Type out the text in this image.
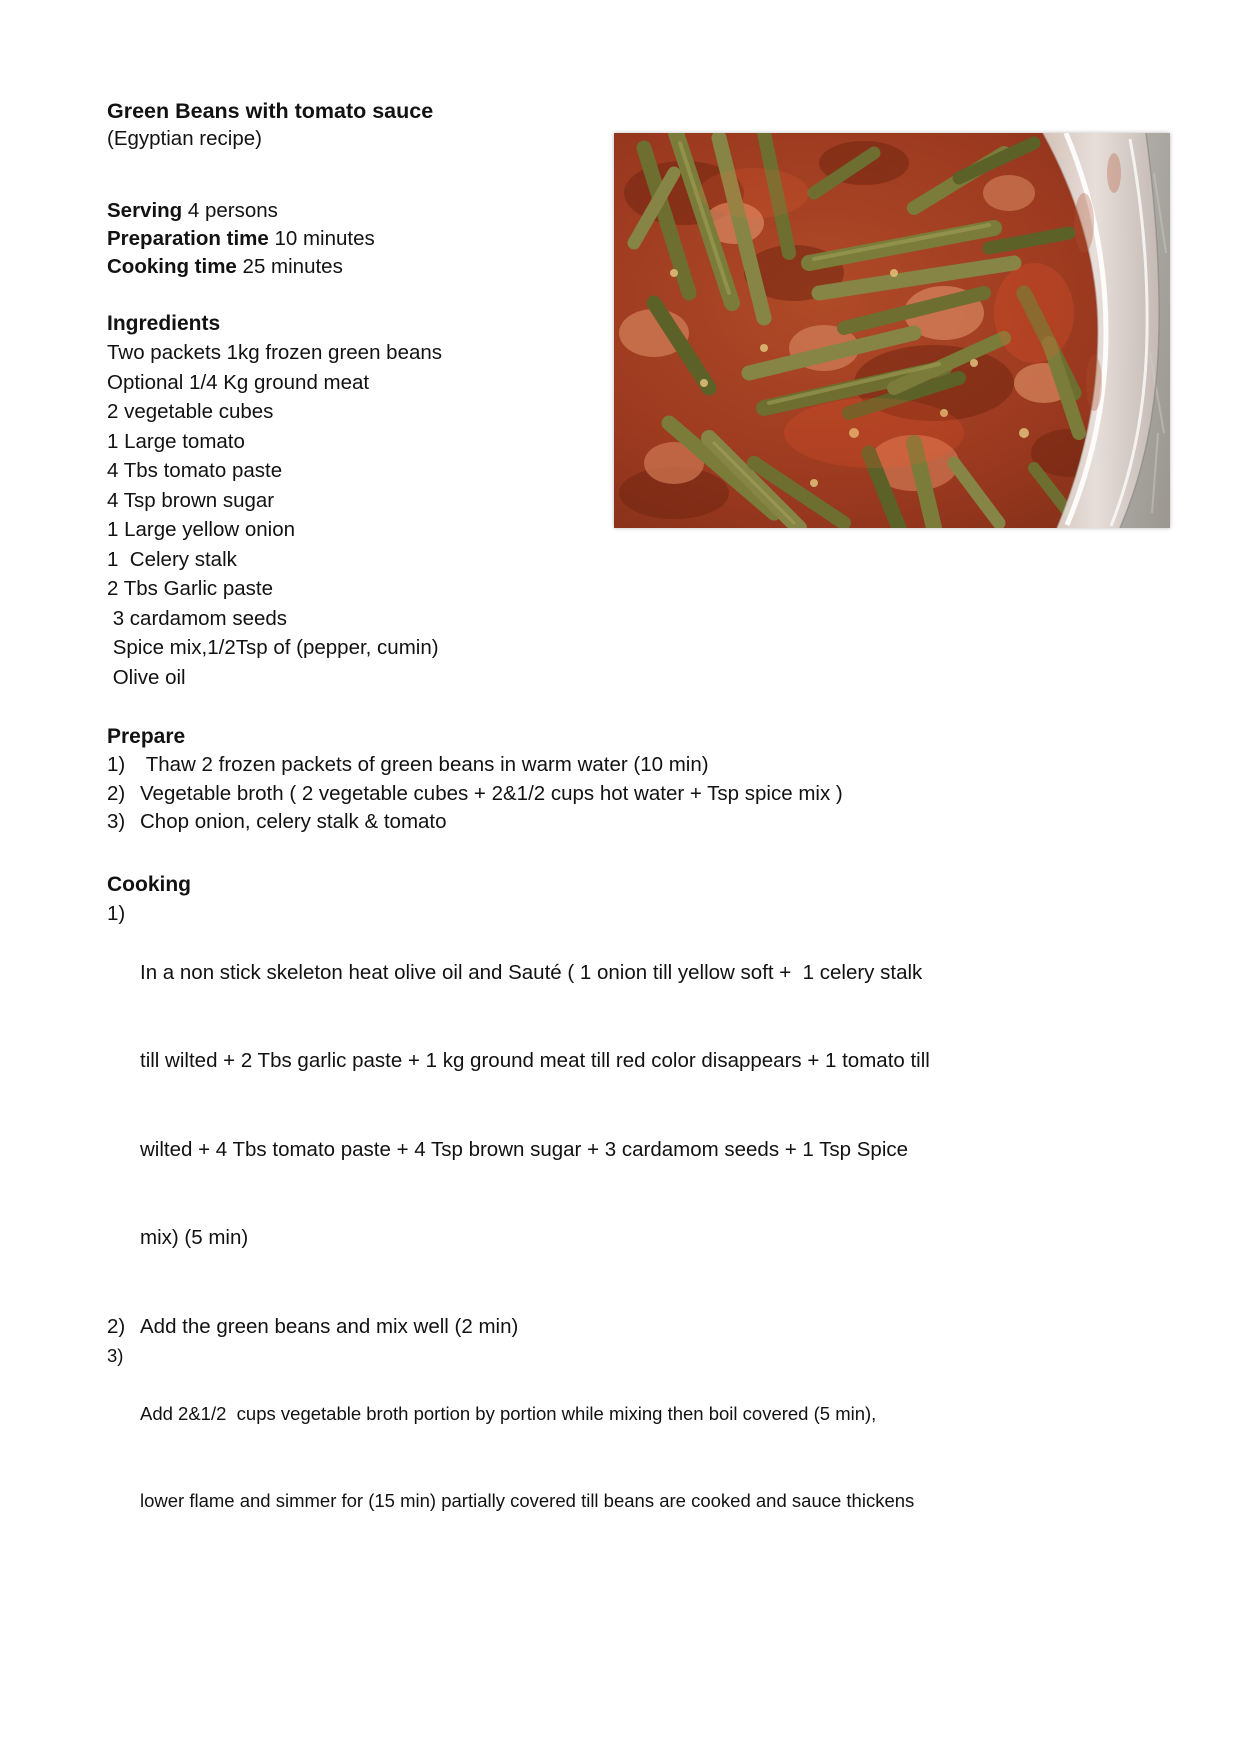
Green Beans with tomato sauce
(Egyptian recipe)
Serving 4 persons
Preparation time 10 minutes
Cooking time 25 minutes
Ingredients
Two packets 1kg frozen green beans
Optional 1/4 Kg ground meat
2 vegetable cubes
1 Large tomato
4 Tbs tomato paste
4 Tsp brown sugar
1 Large yellow onion
1  Celery stalk
2 Tbs Garlic paste
3 cardamom seeds
Spice mix,1/2Tsp of (pepper, cumin)
Olive oil
Prepare
1) Thaw 2 frozen packets of green beans in warm water (10 min)
2) Vegetable broth ( 2 vegetable cubes + 2&1/2 cups hot water + Tsp spice mix )
3) Chop onion, celery stalk & tomato
Cooking
1)

In a non stick skeleton heat olive oil and Sauté ( 1 onion till yellow soft +  1 celery stalk

till wilted + 2 Tbs garlic paste + 1 kg ground meat till red color disappears + 1 tomato till

wilted + 4 Tbs tomato paste + 4 Tsp brown sugar + 3 cardamom seeds + 1 Tsp Spice

mix) (5 min)

2) Add the green beans and mix well (2 min)
3)

Add 2&1/2  cups vegetable broth portion by portion while mixing then boil covered (5 min),

lower flame and simmer for (15 min) partially covered till beans are cooked and sauce thickens
